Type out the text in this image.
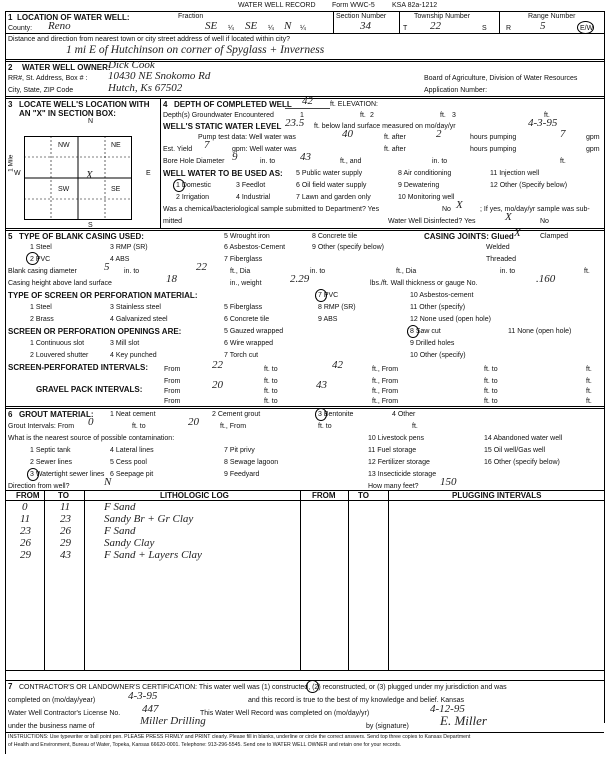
WATER WELL RECORD Form WWC-5 KSA 82a-1212
1 LOCATION OF WATER WELL:	Fraction
County: Reno	SE ¼ SE ¼ N ¼
Section Number
34
Township Number
T 22	S
Range Number
R	5	E/W
Distance and direction from nearest town or city street address of well if located within city?
1 mi E of Hutchinson on corner of Spyglass + Inverness
2 WATER WELL OWNER:
Dick Cook
RR#, St. Address, Box # : 10430 NE Snokomo Rd
City, State, ZIP Code	Hutch, Ks 67502
Board of Agriculture, Division of Water Resources
Application Number:
3 LOCATE WELL'S LOCATION WITH
AN "X" IN SECTION BOX:
N
S
W	E
1 Mile
NW	NE
SW	SE
X
4 DEPTH OF COMPLETED WELL 42 ft. ELEVATION:
Depth(s) Groundwater Encountered	1	ft. 2	ft. 3	ft.
WELL'S STATIC WATER LEVEL 23.5 ft. below land surface measured on mo/day/yr	4-3-95
Pump test data: Well water was	40	ft. after	2	hours pumping	7	gpm
Est. Yield 7	gpm: Well water was	ft. after	hours pumping	gpm
Bore Hole Diameter 9	in. to 43	ft., and	in. to	ft.
WELL WATER TO BE USED AS:
1 Domestic	3 Feedlot
5 Public water supply	8 Air conditioning	11 Injection well
2 Irrigation	4 Industrial	7 Lawn and garden only
6 Oil field water supply	9 Dewatering
10 Monitoring well
12 Other (Specify below)
Was a chemical/bacteriological sample submitted to Department? Yes	No X ; If yes, mo/day/yr sample was sub-
mitted	Water Well Disinfected? Yes	X	No
5 TYPE OF BLANK CASING USED:
1 Steel	3 RMP (SR)
5 Wrought iron	8 Concrete tile
2 PVC	4 ABS
6 Asbestos-Cement	9 Other (specify below)
7 Fiberglass
CASING JOINTS: Glued X	Clamped
Welded
Threaded
Blank casing diameter 5 in. to	22	ft., Dia	in. to	ft., Dia	in. to	ft.
Casing height above land surface	18	in., weight	2.29	lbs./ft. Wall thickness or gauge No.	.160
TYPE OF SCREEN OR PERFORATION MATERIAL:
1 Steel	3 Stainless steel	5 Fiberglass
7 PVC	10 Asbestos-cement
2 Brass	4 Galvanized steel	6 Concrete tile
8 RMP (SR)
9 ABS
11 Other (specify)
12 None used (open hole)
SCREEN OR PERFORATION OPENINGS ARE:	5 Gauzed wrapped	8 Saw cut	11 None (open hole)
1 Continuous slot	3 Mill slot	6 Wire wrapped	9 Drilled holes
2 Louvered shutter	4 Key punched	7 Torch cut	10 Other (specify)
SCREEN-PERFORATED INTERVALS: From	22	ft. to	42	ft., From	ft. to	ft.
From	ft. to	ft., From	ft. to	ft.
GRAVEL PACK INTERVALS:	From
20
ft. to
43
ft., From	ft. to	ft.
From	ft. to	ft., From	ft. to	ft.
6 GROUT MATERIAL: 1 Neat cement	2 Cement grout	3 Bentonite	4 Other
Grout Intervals: From 0	ft. to	20	ft., From	ft. to	ft.
What is the nearest source of possible contamination:	10 Livestock pens	14 Abandoned water well
1 Septic tank	4 Lateral lines	7 Pit privy	11 Fuel storage	15 Oil well/Gas well
2 Sewer lines	5 Cess pool	8 Sewage lagoon	12 Fertilizer storage	16 Other (specify below)
3 Watertight sewer lines 6 Seepage pit	9 Feedyard	13 Insecticide storage
Direction from well?	N	How many feet? 150
FROM TO	LITHOLOGIC LOG	FROM	TO	PLUGGING INTERVALS
0	11	F Sand
11	23	Sandy Br + Gr Clay
23	26	F Sand
26	29	Sandy Clay
29	43	F Sand + Layers Clay
7 CONTRACTOR'S OR LANDOWNER'S CERTIFICATION: This water well was (1) constructed, (2) reconstructed, or (3) plugged under my jurisdiction and was
completed on (mo/day/year)	4-3-95	and this record is true to the best of my knowledge and belief. Kansas
Water Well Contractor's License No. 447	This Water Well Record was completed on (mo/day/yr)	4-12-95
under the business name of	Miller Drilling	by (signature) E. Miller
INSTRUCTIONS: Use typewriter or ball point pen. PLEASE PRESS FIRMLY and PRINT clearly. Please fill in blanks, underline or circle the correct answers. Send top three copies to Kansas Department
of Health and Environment, Bureau of Water, Topeka, Kansas 66620-0001. Telephone: 913-296-5545. Send one to WATER WELL OWNER and retain one for your records.
